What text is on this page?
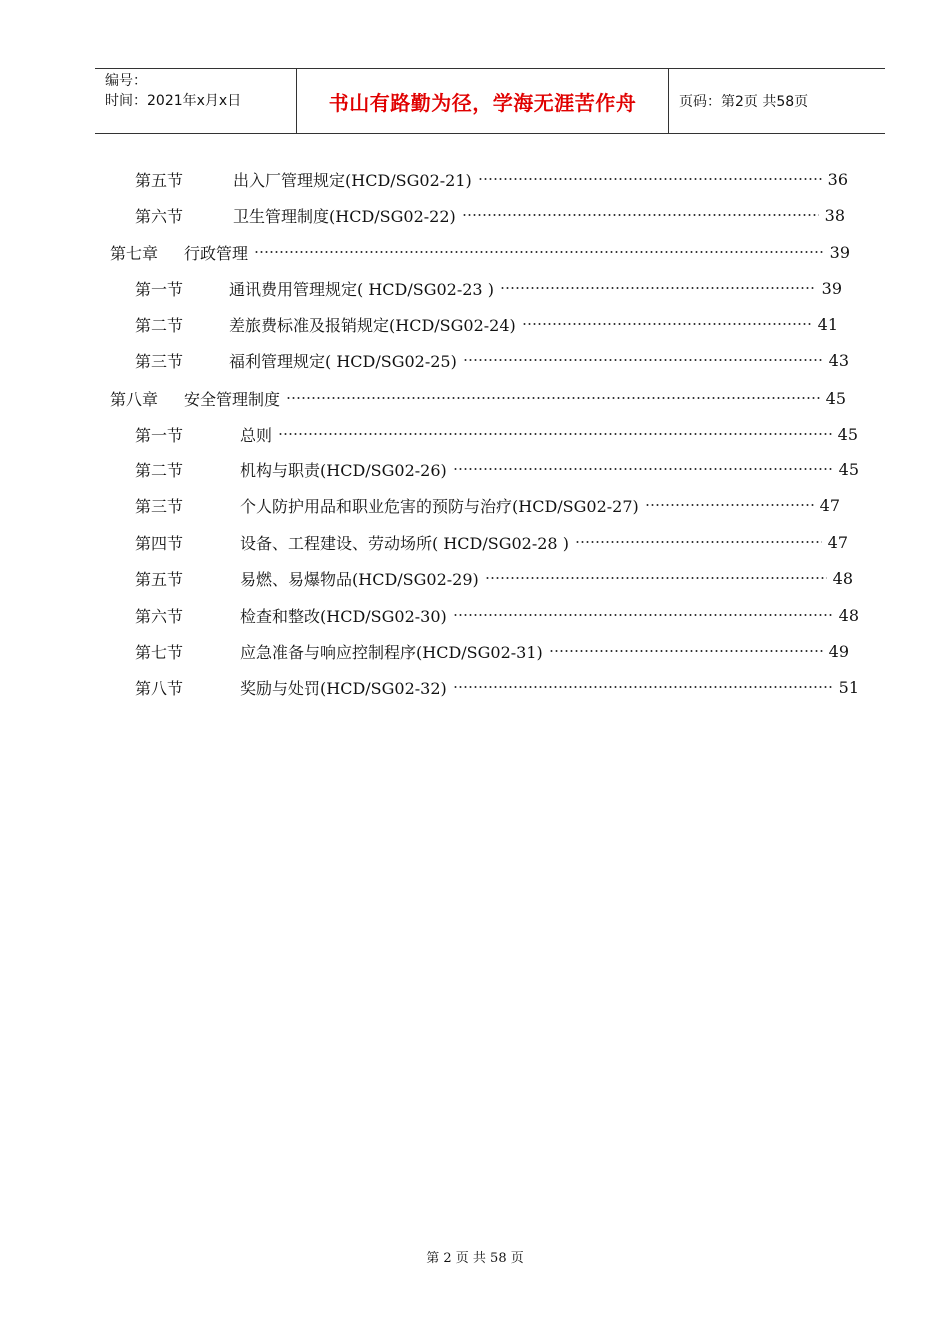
编号：
时间：2021年x月x日	书山有路勤为径，学海无涯苦作舟	页码：第2页 共58页
第五节	出入厂管理规定(HCD/SG02-21)	36
第六节	卫生管理制度(HCD/SG02-22)	38
第七章	行政管理	39
第一节	通讯费用管理规定( HCD/SG02-23 )	39
第二节	差旅费标准及报销规定(HCD/SG02-24)	41
第三节	福利管理规定( HCD/SG02-25)	43
第八章	安全管理制度	45
第一节	总则	45
第二节	机构与职责(HCD/SG02-26)	45
第三节	个人防护用品和职业危害的预防与治疗(HCD/SG02-27)	47
第四节	设备、工程建设、劳动场所( HCD/SG02-28 )	47
第五节	易燃、易爆物品(HCD/SG02-29)	48
第六节	检查和整改(HCD/SG02-30)	48
第七节	应急准备与响应控制程序(HCD/SG02-31)	49
第八节	奖励与处罚(HCD/SG02-32)	51
第 2 页 共 58 页
